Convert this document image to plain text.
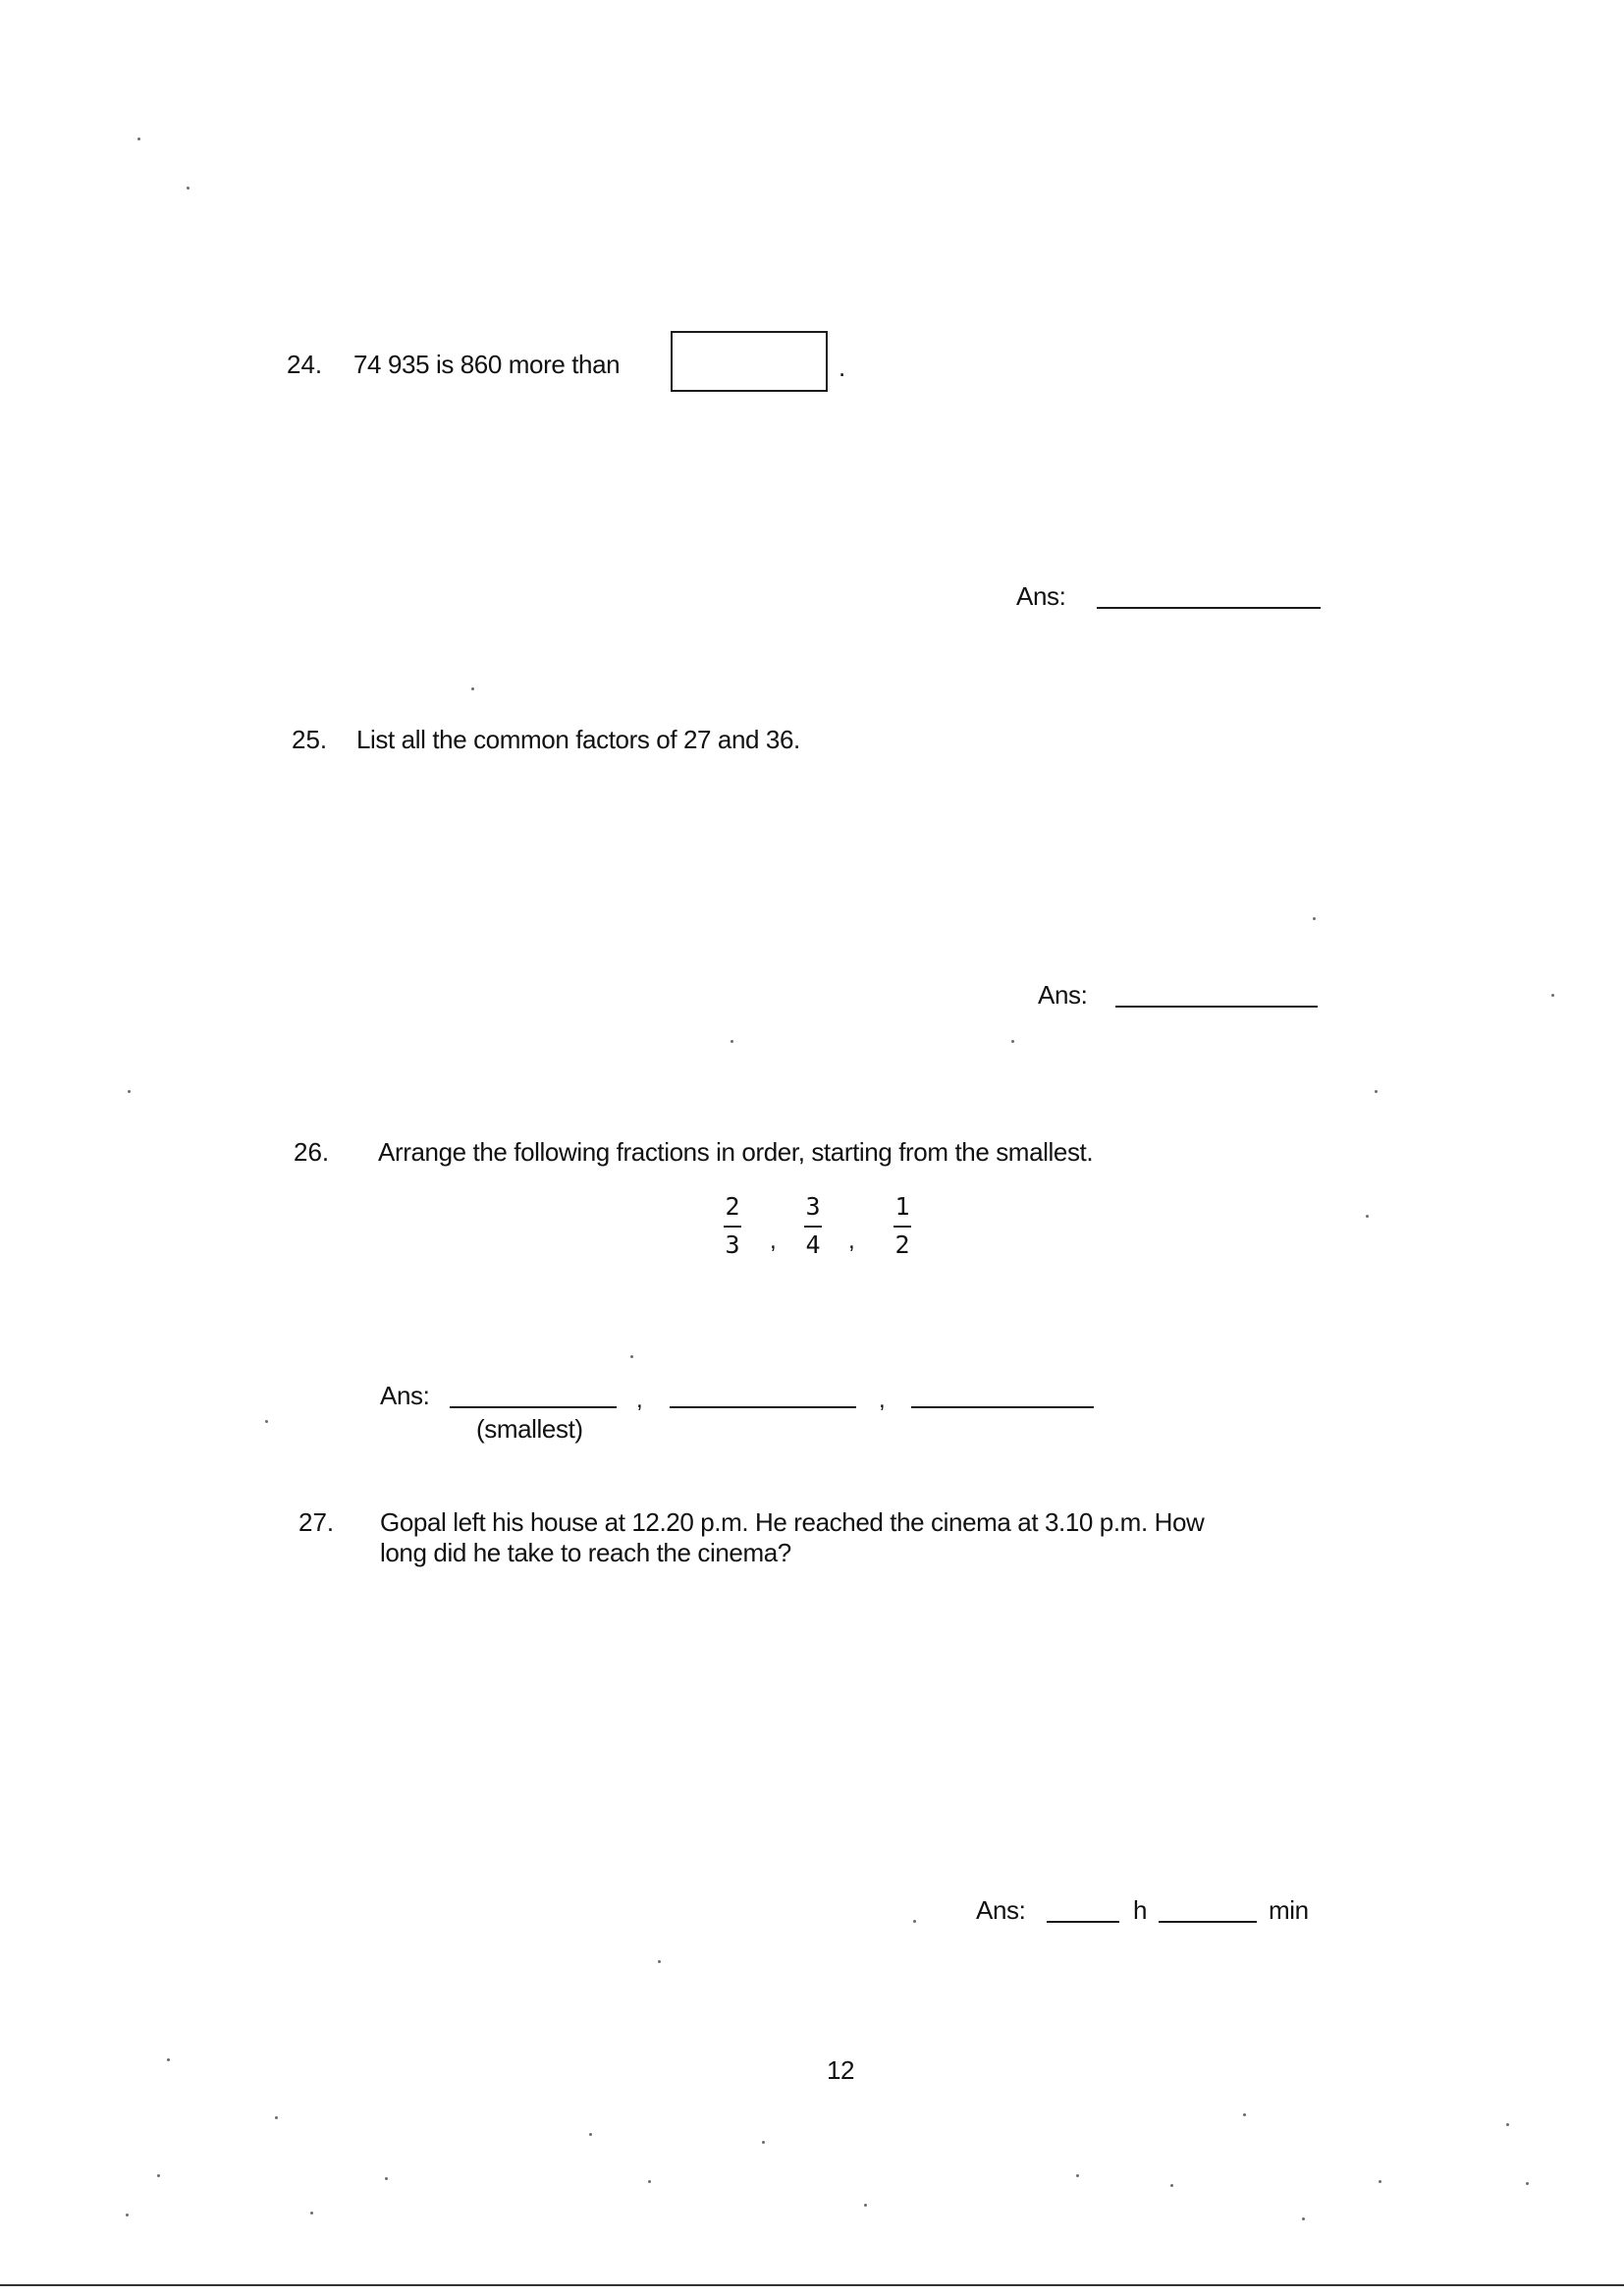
24. 74 935 is 860 more than	.
Ans:
25. List all the common factors of 27 and 36.
Ans:
26. Arrange the following fractions in order, starting from the smallest.
2
3 ,
3
4 ,
1
2
Ans:	,	,
(smallest)
27. Gopal left his house at 12.20 p.m. He reached the cinema at 3.10 p.m. How
long did he take to reach the cinema?
Ans:	h	min
12
